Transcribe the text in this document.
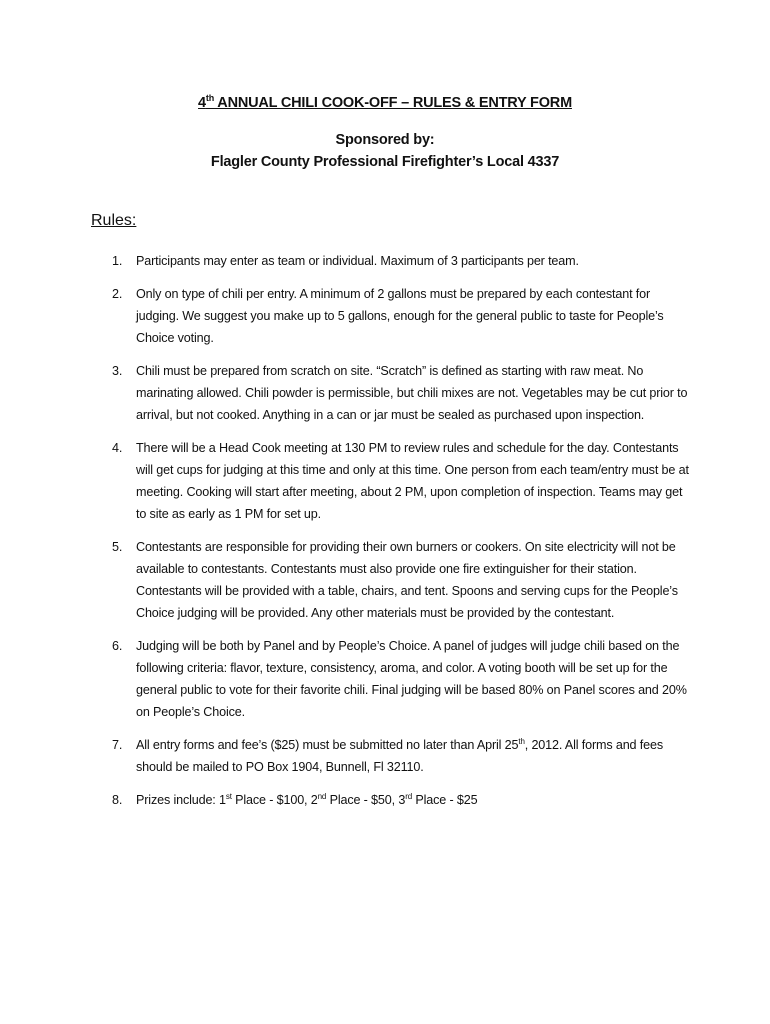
4th ANNUAL CHILI COOK-OFF – RULES & ENTRY FORM
Sponsored by:
Flagler County Professional Firefighter’s Local 4337
Rules:
1. Participants may enter as team or individual. Maximum of 3 participants per team.
2. Only on type of chili per entry. A minimum of 2 gallons must be prepared by each contestant for judging. We suggest you make up to 5 gallons, enough for the general public to taste for People’s Choice voting.
3. Chili must be prepared from scratch on site. “Scratch” is defined as starting with raw meat. No marinating allowed. Chili powder is permissible, but chili mixes are not. Vegetables may be cut prior to arrival, but not cooked. Anything in a can or jar must be sealed as purchased upon inspection.
4. There will be a Head Cook meeting at 130 PM to review rules and schedule for the day. Contestants will get cups for judging at this time and only at this time. One person from each team/entry must be at meeting. Cooking will start after meeting, about 2 PM, upon completion of inspection. Teams may get to site as early as 1 PM for set up.
5. Contestants are responsible for providing their own burners or cookers. On site electricity will not be available to contestants. Contestants must also provide one fire extinguisher for their station. Contestants will be provided with a table, chairs, and tent. Spoons and serving cups for the People’s Choice judging will be provided. Any other materials must be provided by the contestant.
6. Judging will be both by Panel and by People’s Choice. A panel of judges will judge chili based on the following criteria: flavor, texture, consistency, aroma, and color. A voting booth will be set up for the general public to vote for their favorite chili. Final judging will be based 80% on Panel scores and 20% on People’s Choice.
7. All entry forms and fee’s ($25) must be submitted no later than April 25th, 2012. All forms and fees should be mailed to PO Box 1904, Bunnell, Fl 32110.
8. Prizes include: 1st Place - $100, 2nd Place - $50, 3rd Place - $25
